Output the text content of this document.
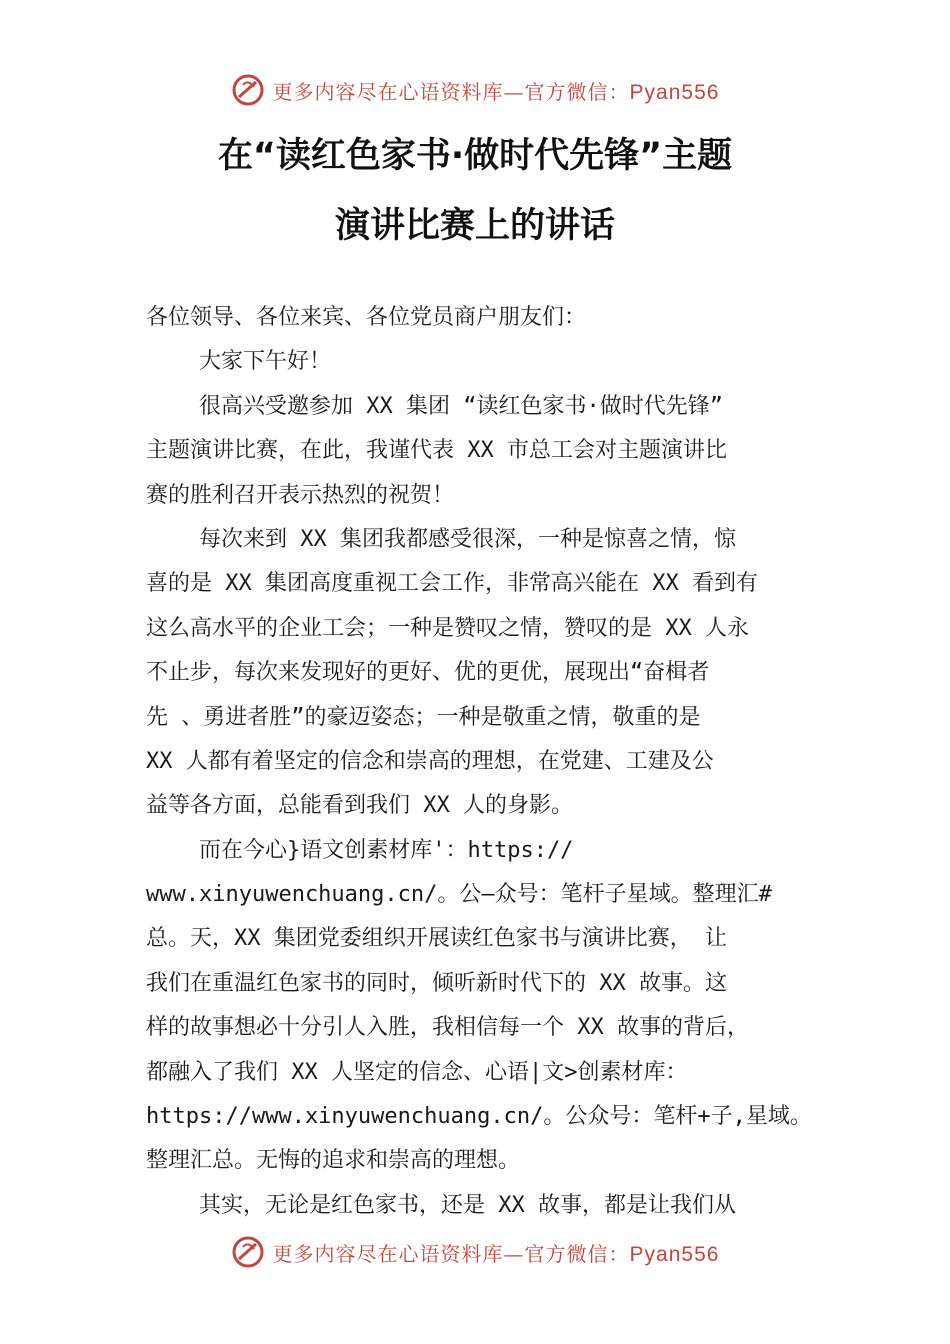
更多内容尽在心语资料库—官方微信：Pyan556
在“读红色家书·做时代先锋”主题
演讲比赛上的讲话
各位领导、各位来宾、各位党员商户朋友们：
大家下午好！
很高兴受邀参加 XX 集团 “读红色家书·做时代先锋”
主题演讲比赛，在此，我谨代表 XX 市总工会对主题演讲比
赛的胜利召开表示热烈的祝贺！
每次来到 XX 集团我都感受很深，一种是惊喜之情，惊
喜的是 XX 集团高度重视工会工作，非常高兴能在 XX 看到有
这么高水平的企业工会；一种是赞叹之情，赞叹的是 XX 人永
不止步，每次来发现好的更好、优的更优，展现出“奋楫者
先 、勇进者胜”的豪迈姿态；一种是敬重之情，敬重的是
XX 人都有着坚定的信念和崇高的理想，在党建、工建及公
益等各方面，总能看到我们 XX 人的身影。
而在今心}语文创素材库'：https://
www.xinyuwenchuang.cn/。公—众号：笔杆子星域。整理汇#
总。天，XX 集团党委组织开展读红色家书与演讲比赛， 让
我们在重温红色家书的同时，倾听新时代下的 XX 故事。这
样的故事想必十分引人入胜，我相信每一个 XX 故事的背后，
都融入了我们 XX 人坚定的信念、心语|文>创素材库：
https://www.xinyuwenchuang.cn/。公众号：笔杆+子,星域。
整理汇总。无悔的追求和崇高的理想。
其实，无论是红色家书，还是 XX 故事，都是让我们从
更多内容尽在心语资料库—官方微信：Pyan556
